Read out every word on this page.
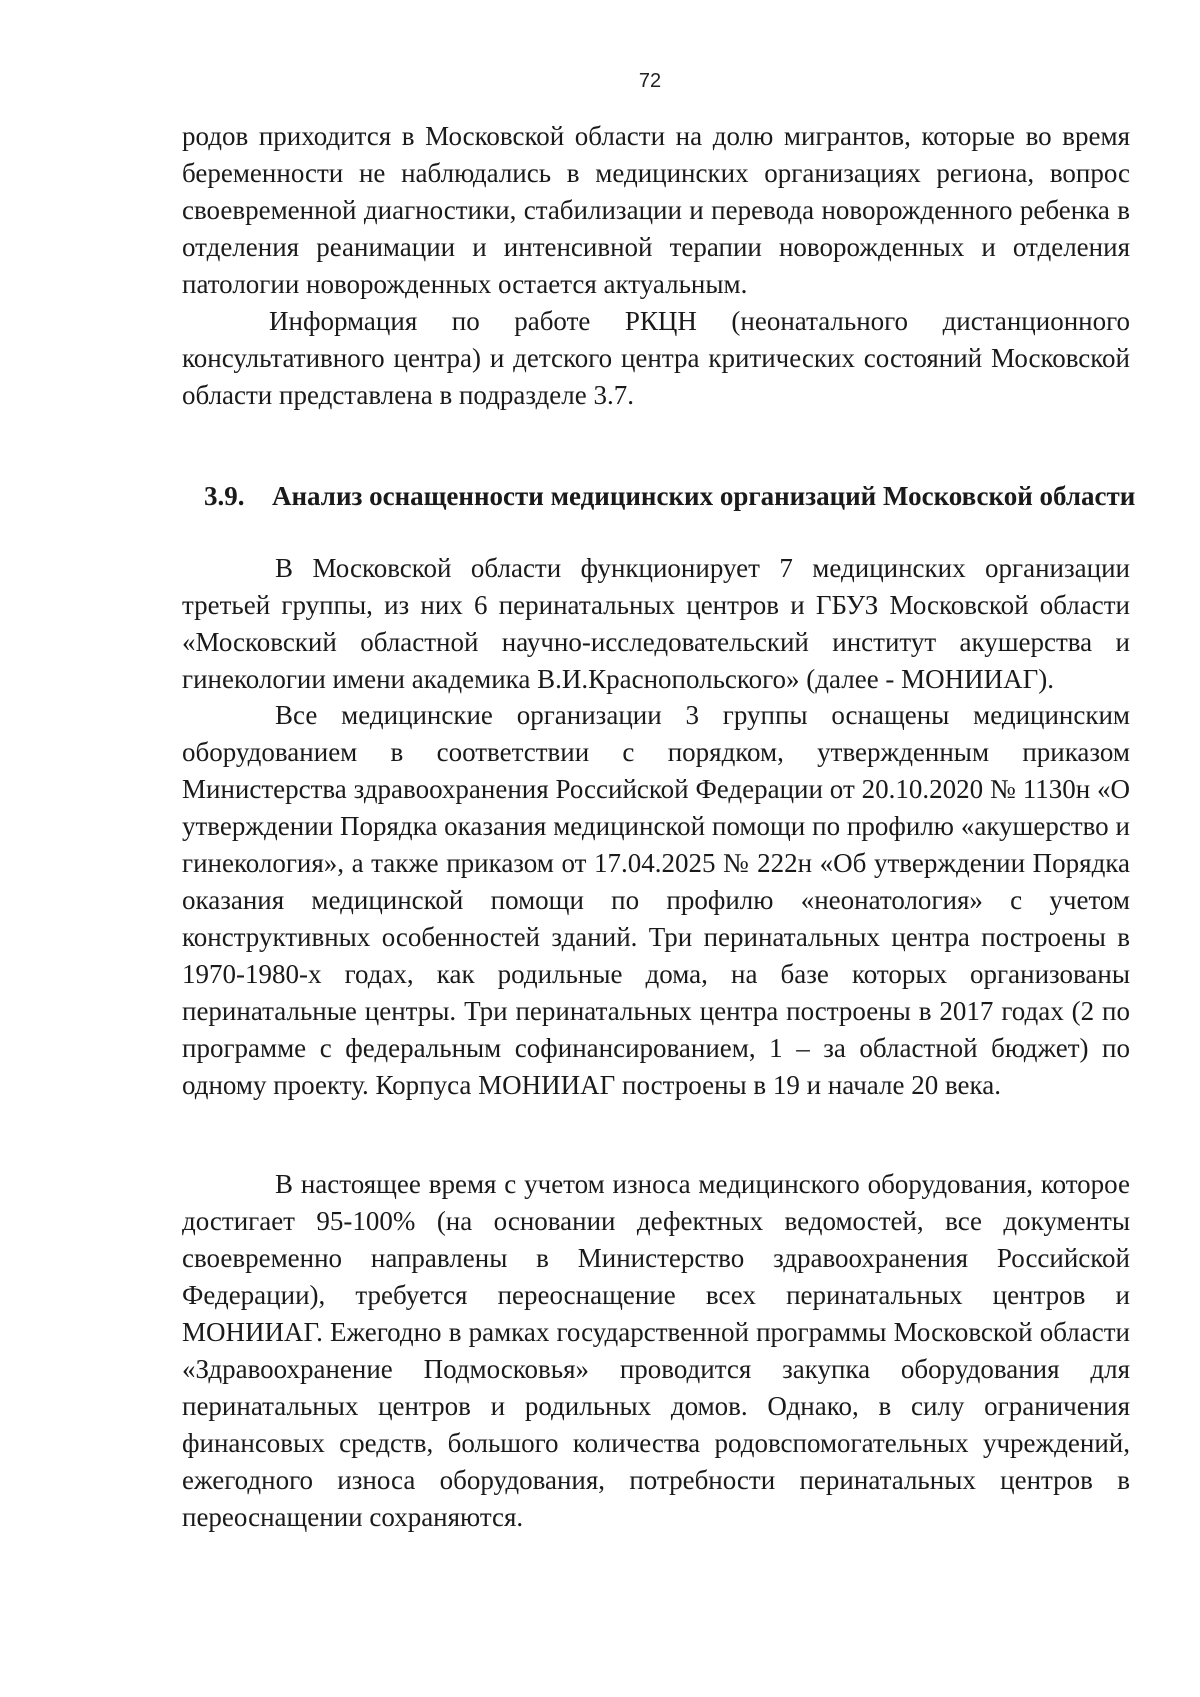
72

родов приходится в Московской области на долю мигрантов, которые во время беременности не наблюдались в медицинских организациях региона, вопрос своевременной диагностики, стабилизации и перевода новорожденного ребенка в отделения реанимации и интенсивной терапии новорожденных и отделения патологии новорожденных остается актуальным.

Информация по работе РКЦН (неонатального дистанционного консультативного центра) и детского центра критических состояний Московской области представлена в подразделе 3.7.

3.9. Анализ оснащенности медицинских организаций Московской области

В Московской области функционирует 7 медицинских организации третьей группы, из них 6 перинатальных центров и ГБУЗ Московской области «Московский областной научно-исследовательский институт акушерства и гинекологии имени академика В.И.Краснопольского» (далее - МОНИИАГ).

Все медицинские организации 3 группы оснащены медицинским оборудованием в соответствии с порядком, утвержденным приказом Министерства здравоохранения Российской Федерации от 20.10.2020 № 1130н «О утверждении Порядка оказания медицинской помощи по профилю «акушерство и гинекология», а также приказом от 17.04.2025 № 222н «Об утверждении Порядка оказания медицинской помощи по профилю «неонатология» с учетом конструктивных особенностей зданий. Три перинатальных центра построены в 1970-1980-х годах, как родильные дома, на базе которых организованы перинатальные центры. Три перинатальных центра построены в 2017 годах (2 по программе с федеральным софинансированием, 1 – за областной бюджет) по одному проекту. Корпуса МОНИИАГ построены в 19 и начале 20 века.

В настоящее время с учетом износа медицинского оборудования, которое достигает 95-100% (на основании дефектных ведомостей, все документы своевременно направлены в Министерство здравоохранения Российской Федерации), требуется переоснащение всех перинатальных центров и МОНИИАГ. Ежегодно в рамках государственной программы Московской области «Здравоохранение Подмосковья» проводится закупка оборудования для перинатальных центров и родильных домов. Однако, в силу ограничения финансовых средств, большого количества родовспомогательных учреждений, ежегодного износа оборудования, потребности перинатальных центров в переоснащении сохраняются.
